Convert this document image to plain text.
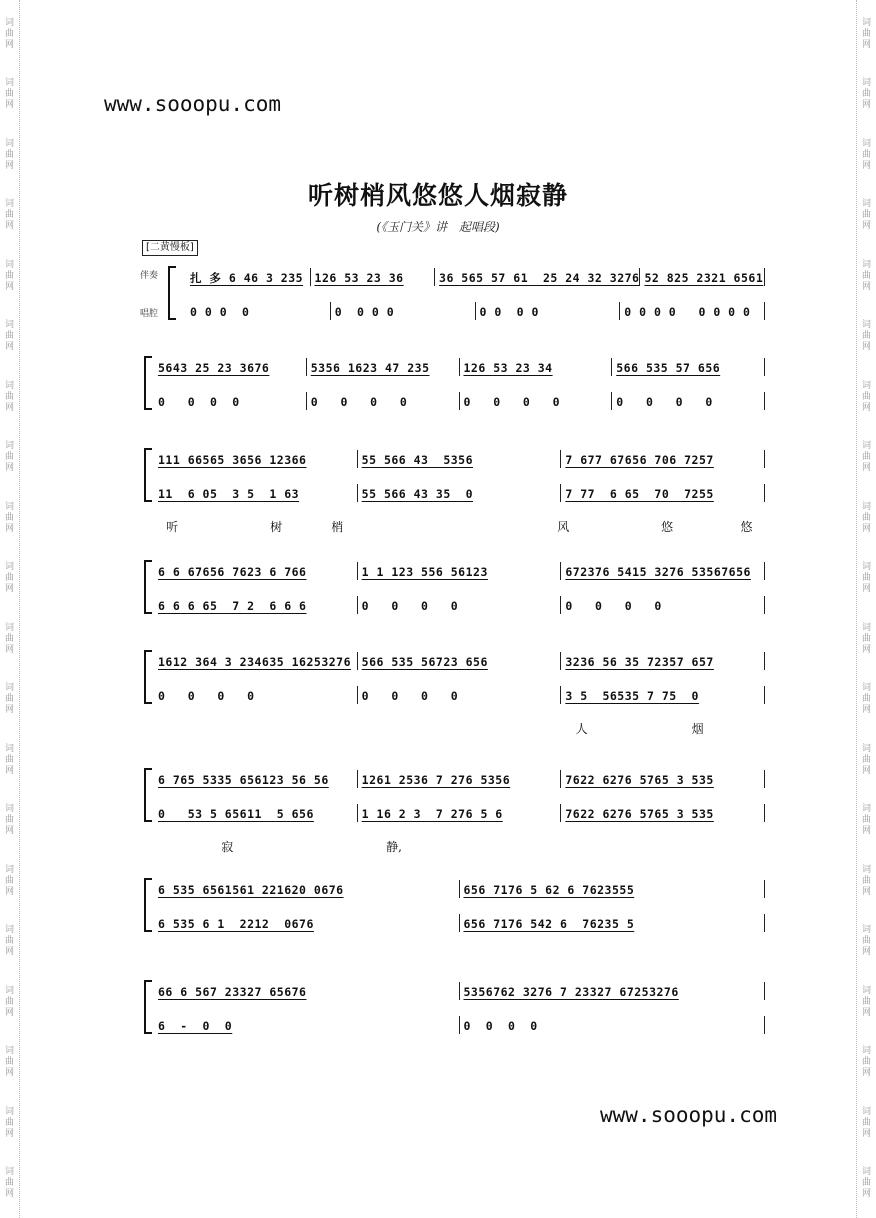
词
曲
网
词
曲
网
词
曲
网
词
曲
网
词
曲
网
词
曲
网
词
曲
网
词
曲
网
词
曲
网
词
曲
网
词
曲
网
词
曲
网
词
曲
网
词
曲
网
词
曲
网
词
曲
网
词
曲
网
词
曲
网
词
曲
网
词
曲
网
词
曲
网
词
曲
网
词
曲
网
词
曲
网
词
曲
网
词
曲
网
词
曲
网
词
曲
网
词
曲
网
词
曲
网
词
曲
网
词
曲
网
词
曲
网
词
曲
网
词
曲
网
词
曲
网
词
曲
网
词
曲
网
词
曲
网
词
曲
网
www.sooopu.com
听树梢风悠悠人烟寂静
(《玉门关》讲　起唱段)
[二黄慢板]
伴奏
唱腔
扎 多 6 46 3 235 126 53 23 36	36 565 57 61  25 24 32 3276 52 825 2321 6561
0 0 0  0	0  0 0 0	0 0  0 0	0 0 0 0   0 0 0 0
5643 25 23 3676	5356 1623 47 235	126 53 23 34	566 535 57 656
0   0  0  0	0   0   0   0	0   0   0   0	0   0   0   0
111 66565 3656 12366	55 566 43  5356	7 677 67656 706 7257
11  6 05  3 5  1 63	55 566 43 35  0	7 77  6 65  70  7255
听	树	梢	风	悠	悠
6 6 67656 7623 6 766	1 1 123 556 56123	672376 5415 3276 53567656
6 6 6 65  7 2  6 6 6	0   0   0   0	0   0   0   0
1612 364 3 234635 16253276 566 535 56723 656	3236 56 35 72357 657
0   0   0   0	0   0   0   0	3 5  56535 7 75  0
人	烟
6 765 5335 656123 56 56	1261 2536 7 276 5356	7622 6276 5765 3 535
0   53 5 65611  5 656	1 16 2 3  7 276 5 6	7622 6276 5765 3 535
寂	静,
6 535 6561561 221620 0676	656 7176 5 62 6 7623555
6 535 6 1  2212  0676	656 7176 542 6  76235 5
66 6 567 23327 65676	5356762 3276 7 23327 67253276
6  -  0  0	0  0  0  0
www.sooopu.com
